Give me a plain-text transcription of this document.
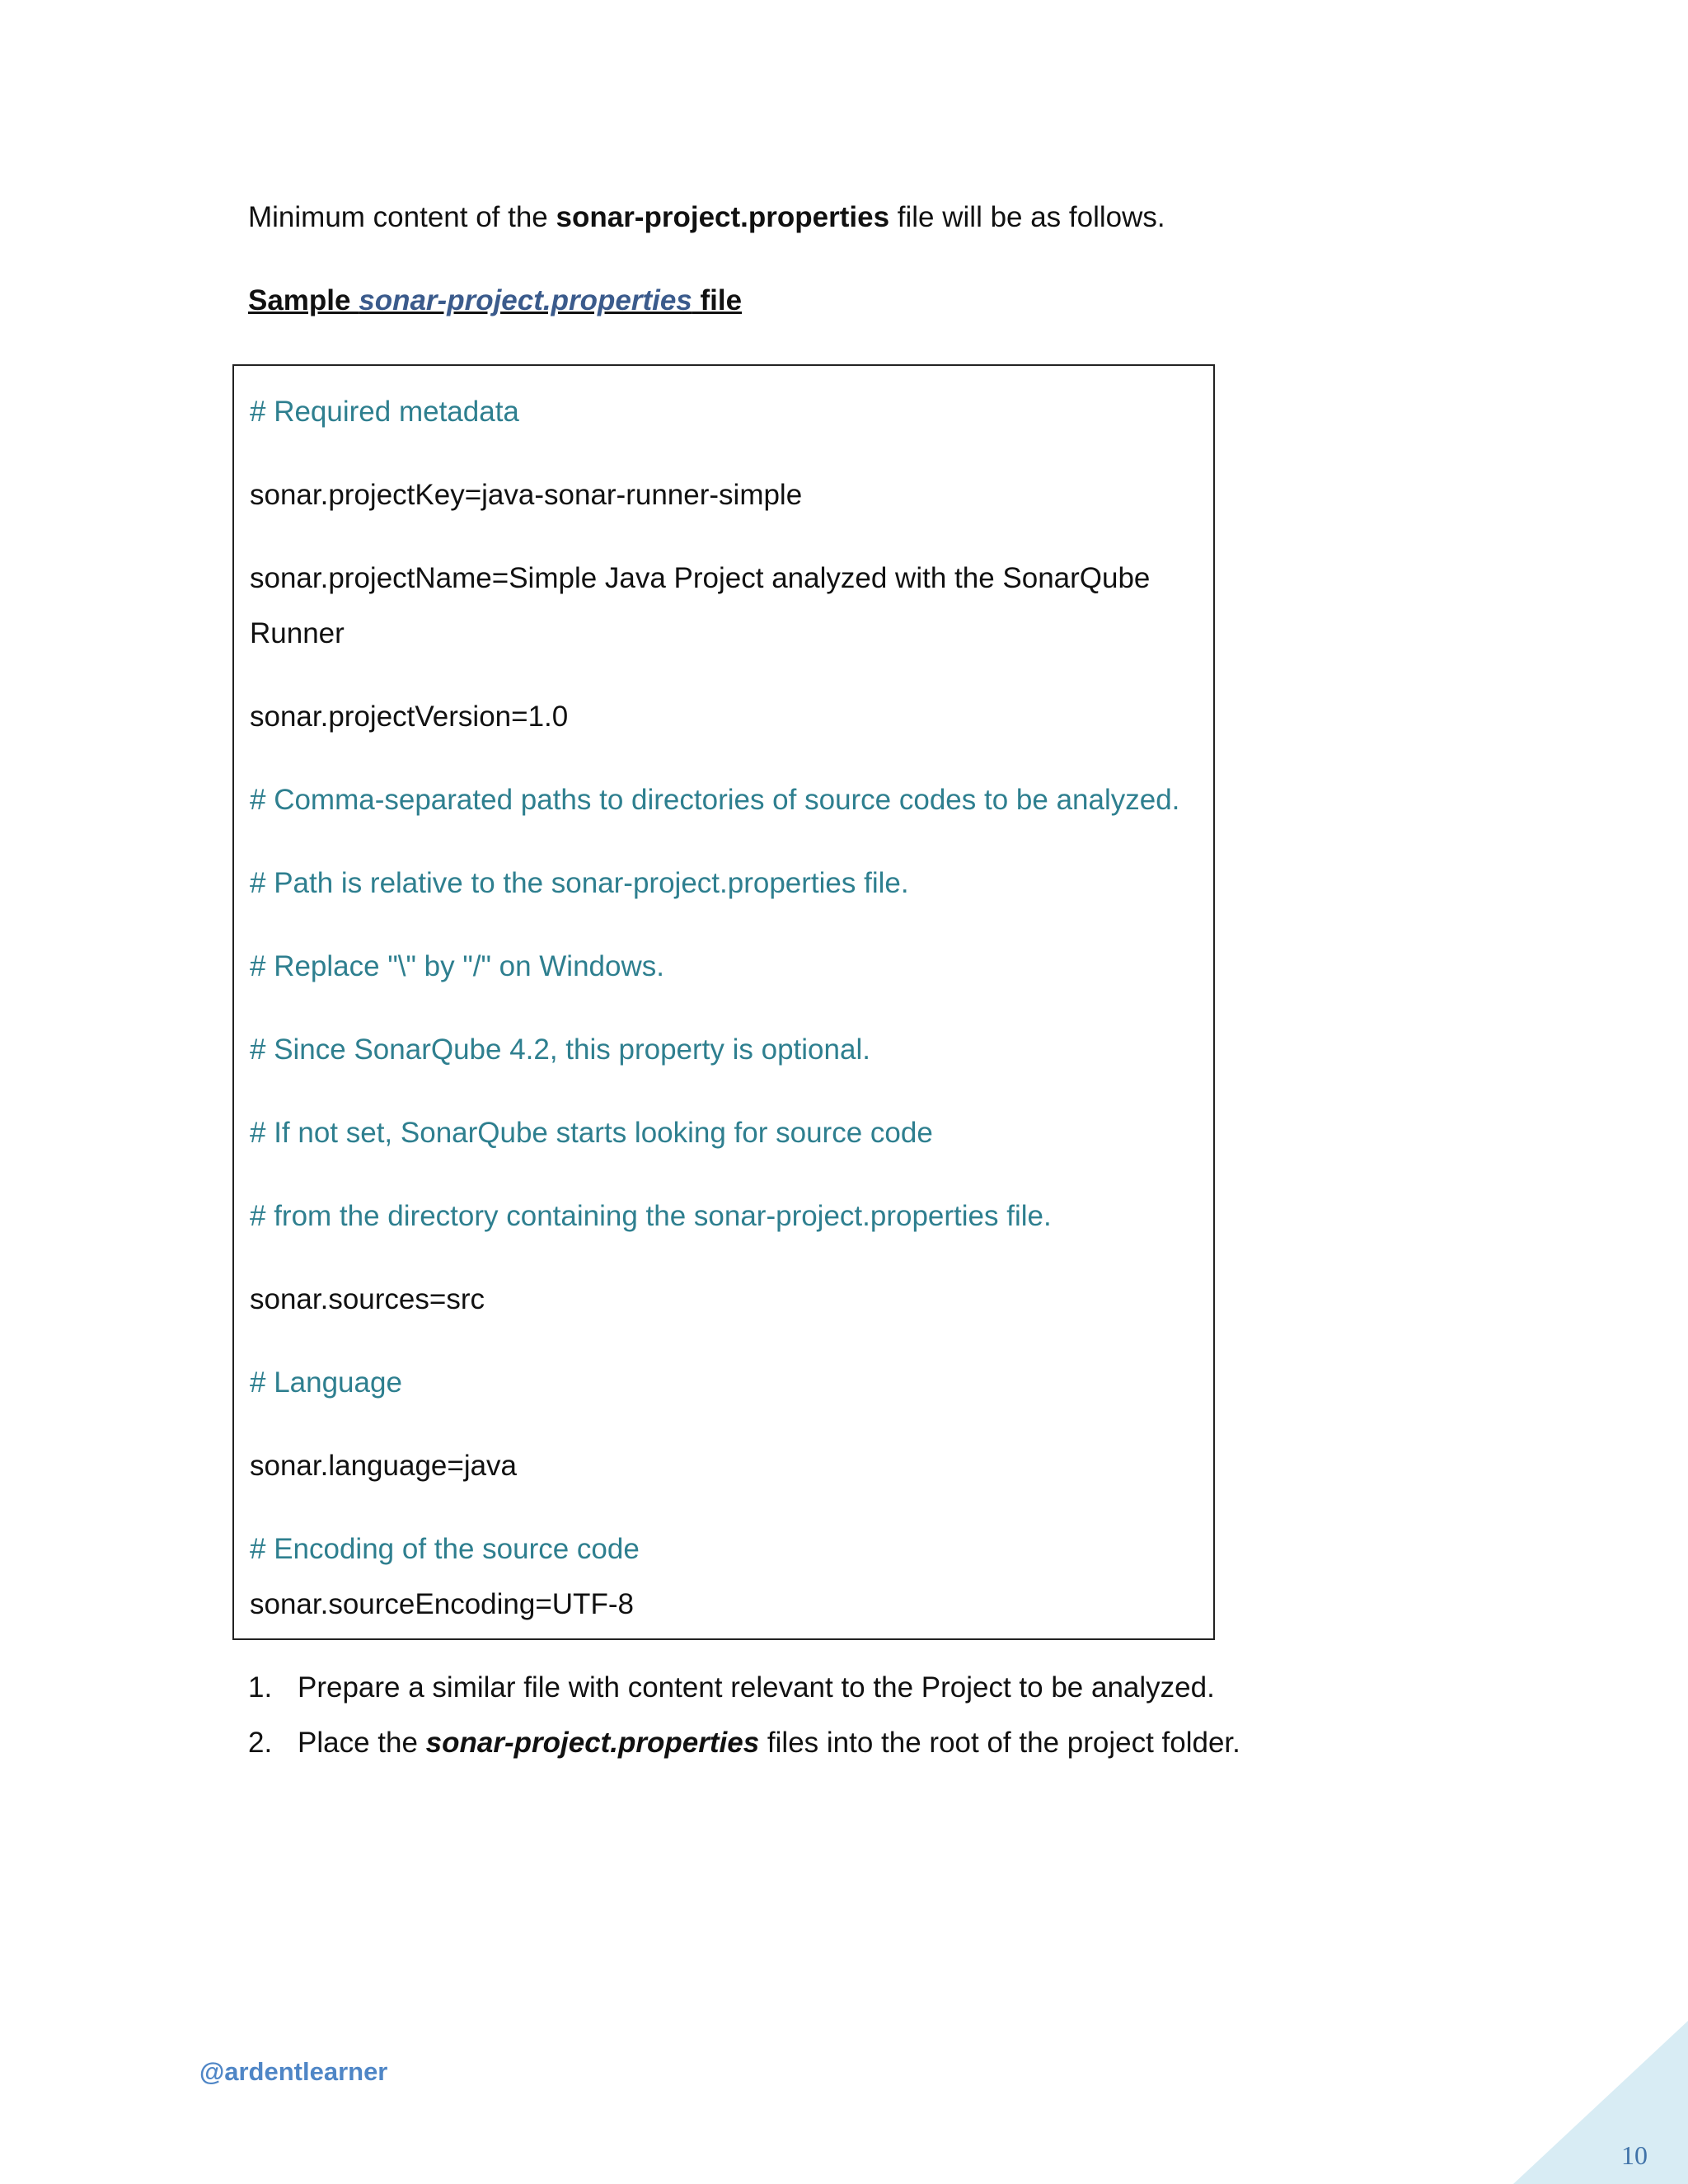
Minimum content of the sonar-project.properties file will be as follows.

Sample sonar-project.properties file

# Required metadata

sonar.projectKey=java-sonar-runner-simple

sonar.projectName=Simple Java Project analyzed with the SonarQube

Runner

sonar.projectVersion=1.0

# Comma-separated paths to directories of source codes to be analyzed.

# Path is relative to the sonar-project.properties file.

# Replace "\" by "/" on Windows.

# Since SonarQube 4.2, this property is optional.

# If not set, SonarQube starts looking for source code

# from the directory containing the sonar-project.properties file.

sonar.sources=src

# Language

sonar.language=java

# Encoding of the source code

sonar.sourceEncoding=UTF-8

1. Prepare a similar file with content relevant to the Project to be analyzed.
2. Place the sonar-project.properties files into the root of the project folder.
@ardentlearner
10
